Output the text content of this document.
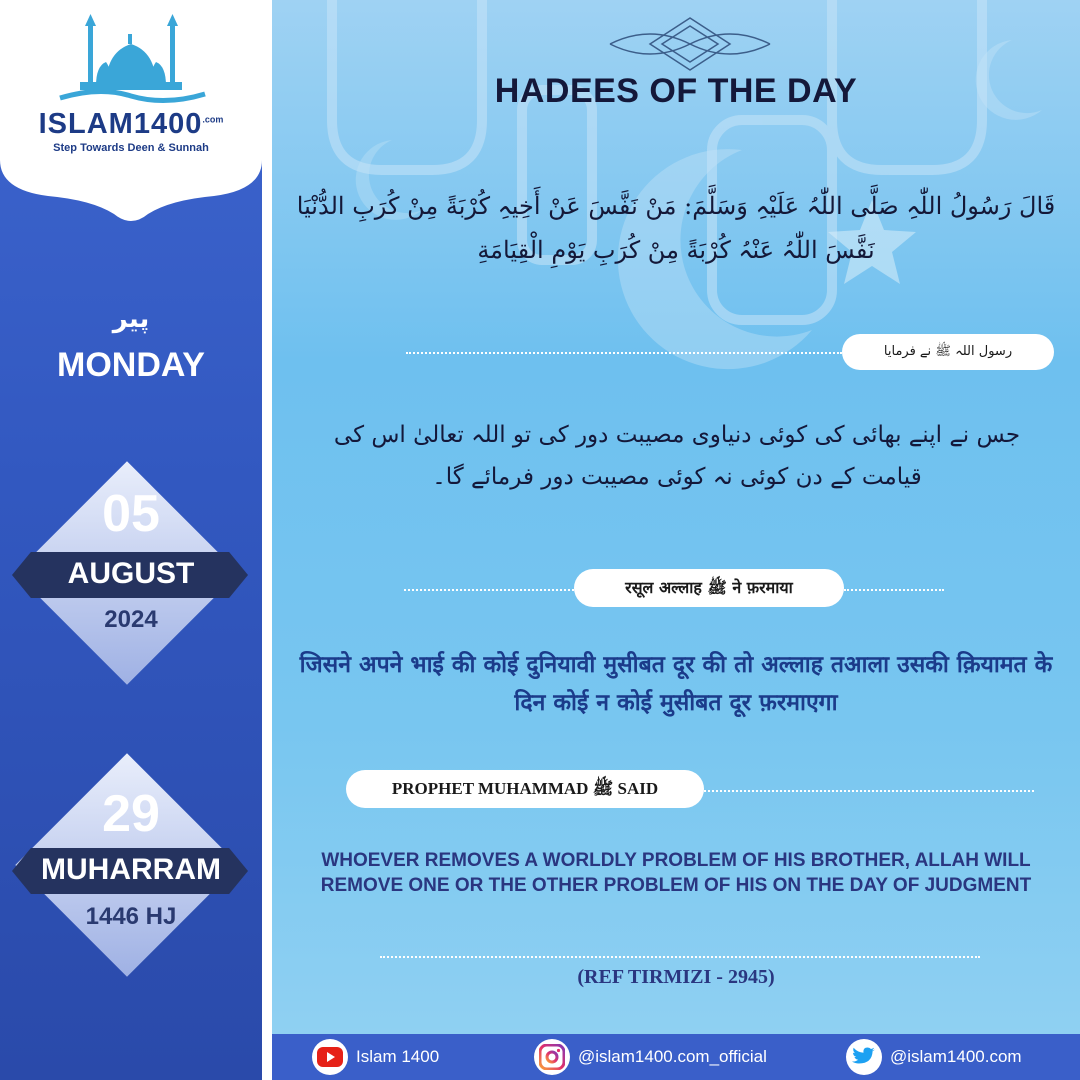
$ISLAM1400^{.com}$
Step Towards Deen & Sunnah
پیر
MONDAY
05
AUGUST
2024
29
MUHARRAM
1446 HJ
HADEES OF THE DAY
قَالَ رَسُولُ اللّٰہِ صَلَّی اللّٰہُ عَلَیْہِ وَسَلَّمَ: مَنْ نَفَّسَ عَنْ أَخِیہِ کُرْبَةً مِنْ کُرَبِ الدُّنْیَا نَفَّسَ اللّٰہُ عَنْہُ کُرْبَةً مِنْ کُرَبِ یَوْمِ الْقِیَامَةِ
رسول اللہ ﷺ نے فرمایا
جس نے اپنے بھائی کی کوئی دنیاوی مصیبت دور کی تو اللہ تعالیٰ اس کی قیامت کے دن کوئی نہ کوئی مصیبت دور فرمائے گا۔
रसूल अल्लाह ﷺ ने फ़रमाया
जिसने अपने भाई की कोई दुनियावी मुसीबत दूर की तो अल्लाह तआला उसकी क़ियामत के दिन कोई न कोई मुसीबत दूर फ़रमाएगा
PROPHET MUHAMMAD ﷺ SAID
WHOEVER REMOVES A WORLDLY PROBLEM OF HIS BROTHER, ALLAH WILL REMOVE ONE OR THE OTHER PROBLEM OF HIS ON THE DAY OF JUDGMENT
(REF TIRMIZI - 2945)
Islam 1400	@islam1400.com_official	@islam1400.com
